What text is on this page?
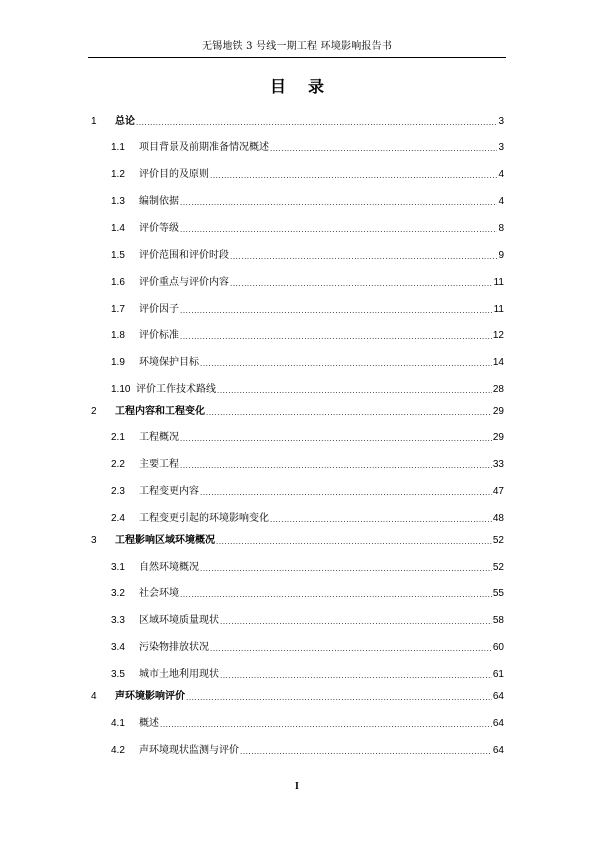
无锡地铁 3 号线一期工程 环境影响报告书
目录
1	总论 .....	3
1.1	项目背景及前期准备情况概述 .....	3
1.2	评价目的及原则 .....	4
1.3	编制依据 .....	4
1.4	评价等级 .....	8
1.5	评价范围和评价时段 .....	9
1.6	评价重点与评价内容 .....	11
1.7	评价因子 .....	11
1.8	评价标准 .....	12
1.9	环境保护目标 .....	14
1.10 评价工作技术路线 .....	28
2	工程内容和工程变化 .....	29
2.1	工程概况 .....	29
2.2	主要工程 .....	33
2.3	工程变更内容 .....	47
2.4	工程变更引起的环境影响变化 .....	48
3	工程影响区域环境概况 .....	52
3.1	自然环境概况 .....	52
3.2	社会环境 .....	55
3.3	区域环境质量现状 .....	58
3.4	污染物排放状况 .....	60
3.5	城市土地利用现状 .....	61
4	声环境影响评价 .....	64
4.1	概述 .....	64
4.2	声环境现状监测与评价 .....	64
I
